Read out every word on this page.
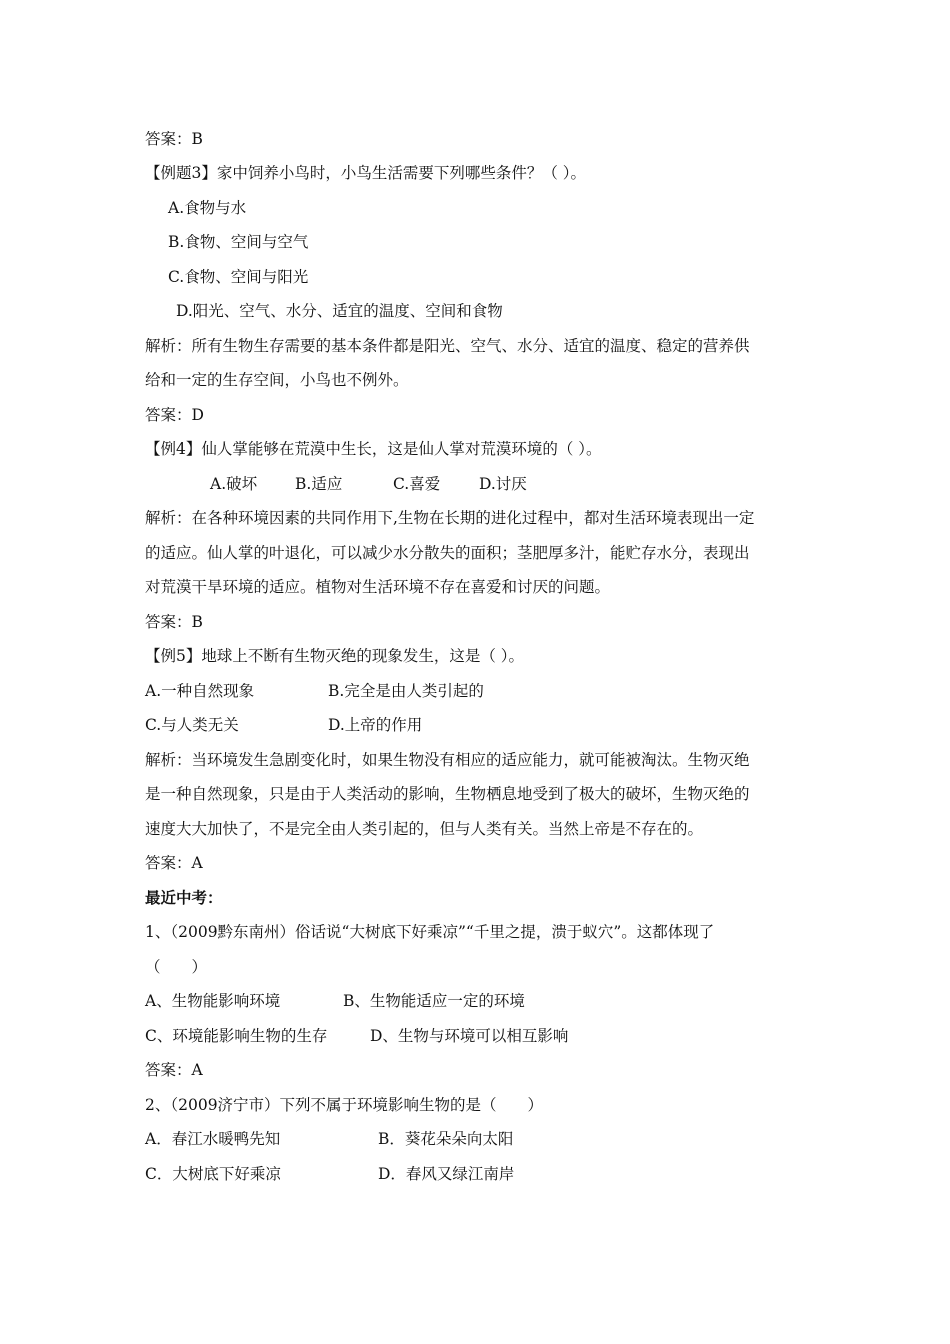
答案：B
【例题3】家中饲养小鸟时，小鸟生活需要下列哪些条件？（ ）。
A.食物与水
B.食物、空间与空气
C.食物、空间与阳光
D.阳光、空气、水分、适宜的温度、空间和食物
解析：所有生物生存需要的基本条件都是阳光、空气、水分、适宜的温度、稳定的营养供
给和一定的生存空间，小鸟也不例外。
答案：D
【例4】仙人掌能够在荒漠中生长，这是仙人掌对荒漠环境的（ ）。
A.破坏 B.适应	C.喜爱	D.讨厌
解析：在各种环境因素的共同作用下,生物在长期的进化过程中，都对生活环境表现出一定
的适应。仙人掌的叶退化，可以减少水分散失的面积；茎肥厚多汁，能贮存水分，表现出
对荒漠干旱环境的适应。植物对生活环境不存在喜爱和讨厌的问题。
答案：B
【例5】地球上不断有生物灭绝的现象发生，这是（ ）。
A.一种自然现象	B.完全是由人类引起的
C.与人类无关	D.上帝的作用
解析：当环境发生急剧变化时，如果生物没有相应的适应能力，就可能被淘汰。生物灭绝
是一种自然现象，只是由于人类活动的影响，生物栖息地受到了极大的破坏，生物灭绝的
速度大大加快了，不是完全由人类引起的，但与人类有关。当然上帝是不存在的。
答案：A
最近中考：
1、（2009黔东南州）俗话说“大树底下好乘凉”“千里之提，溃于蚁穴”。这都体现了
（　　）
A、生物能影响环境	B、生物能适应一定的环境
C、环境能影响生物的生存	D、生物与环境可以相互影响
答案：A
2、（2009济宁市）下列不属于环境影响生物的是（　　）
A．春江水暖鸭先知	B．葵花朵朵向太阳
C．大树底下好乘凉	D．春风又绿江南岸
